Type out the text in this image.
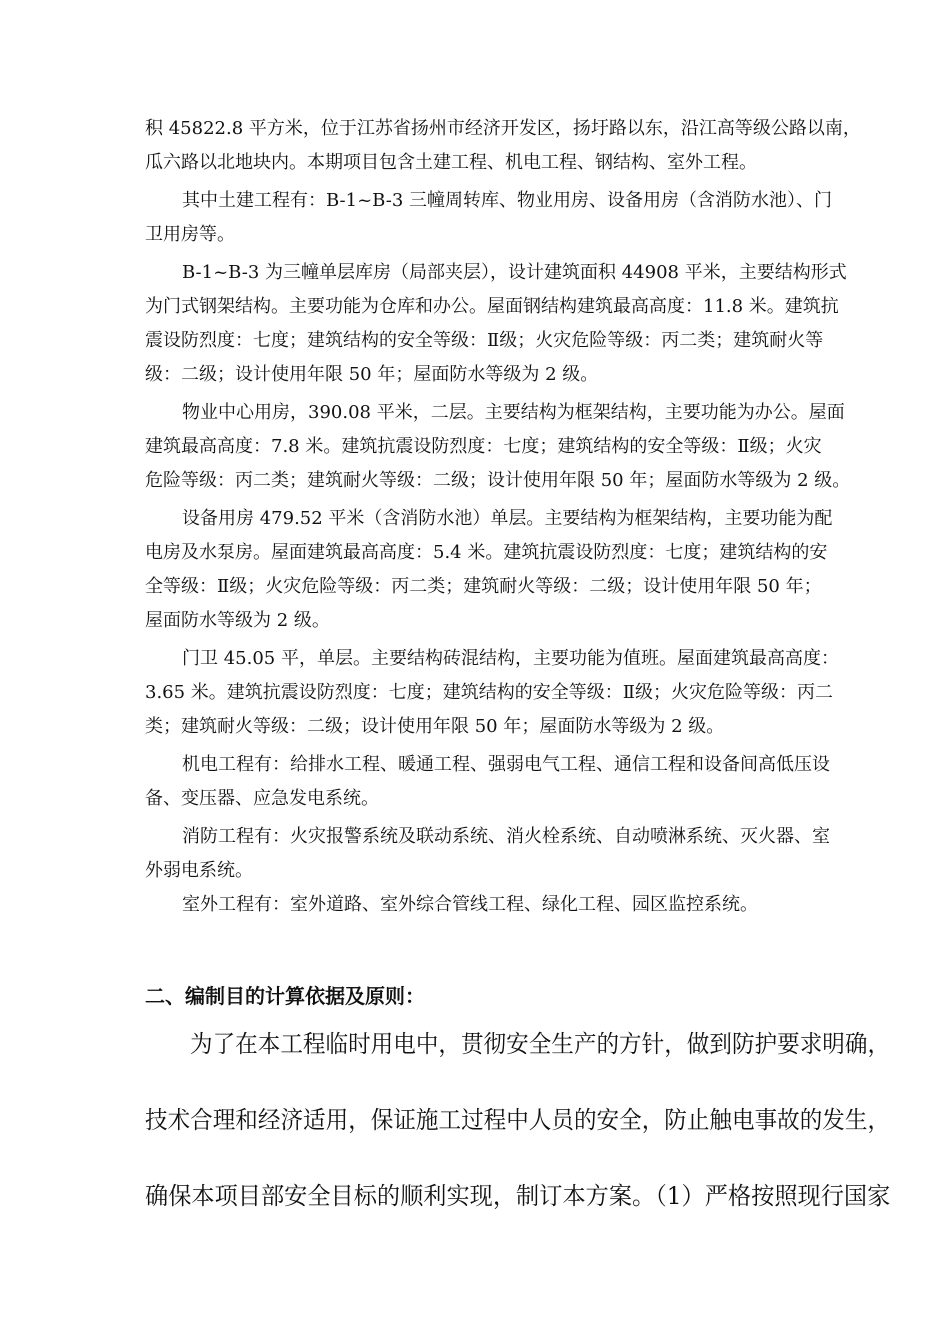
积 45822.8 平方米，位于江苏省扬州市经济开发区，扬圩路以东，沿江高等级公路以南，
瓜六路以北地块内。本期项目包含土建工程、机电工程、钢结构、室外工程。
其中土建工程有：B-1~B-3 三幢周转库、物业用房、设备用房（含消防水池）、门
卫用房等。
B-1~B-3 为三幢单层库房（局部夹层），设计建筑面积 44908 平米，主要结构形式
为门式钢架结构。主要功能为仓库和办公。屋面钢结构建筑最高高度：11.8 米。建筑抗
震设防烈度：七度；建筑结构的安全等级：Ⅱ级；火灾危险等级：丙二类；建筑耐火等
级：二级；设计使用年限 50 年；屋面防水等级为 2 级。
物业中心用房，390.08 平米，二层。主要结构为框架结构，主要功能为办公。屋面
建筑最高高度：7.8 米。建筑抗震设防烈度：七度；建筑结构的安全等级：Ⅱ级；火灾
危险等级：丙二类；建筑耐火等级：二级；设计使用年限 50 年；屋面防水等级为 2 级。
设备用房 479.52 平米（含消防水池）单层。主要结构为框架结构，主要功能为配
电房及水泵房。屋面建筑最高高度：5.4 米。建筑抗震设防烈度：七度；建筑结构的安
全等级：Ⅱ级；火灾危险等级：丙二类；建筑耐火等级：二级；设计使用年限 50 年；
屋面防水等级为 2 级。
门卫 45.05 平，单层。主要结构砖混结构，主要功能为值班。屋面建筑最高高度：
3.65 米。建筑抗震设防烈度：七度；建筑结构的安全等级：Ⅱ级；火灾危险等级：丙二
类；建筑耐火等级：二级；设计使用年限 50 年；屋面防水等级为 2 级。
机电工程有：给排水工程、暖通工程、强弱电气工程、通信工程和设备间高低压设
备、变压器、应急发电系统。
消防工程有：火灾报警系统及联动系统、消火栓系统、自动喷淋系统、灭火器、室
外弱电系统。
室外工程有：室外道路、室外综合管线工程、绿化工程、园区监控系统。
二、编制目的计算依据及原则：
为了在本工程临时用电中，贯彻安全生产的方针，做到防护要求明确，
技术合理和经济适用，保证施工过程中人员的安全，防止触电事故的发生，
确保本项目部安全目标的顺利实现，制订本方案。（1）严格按照现行国家
